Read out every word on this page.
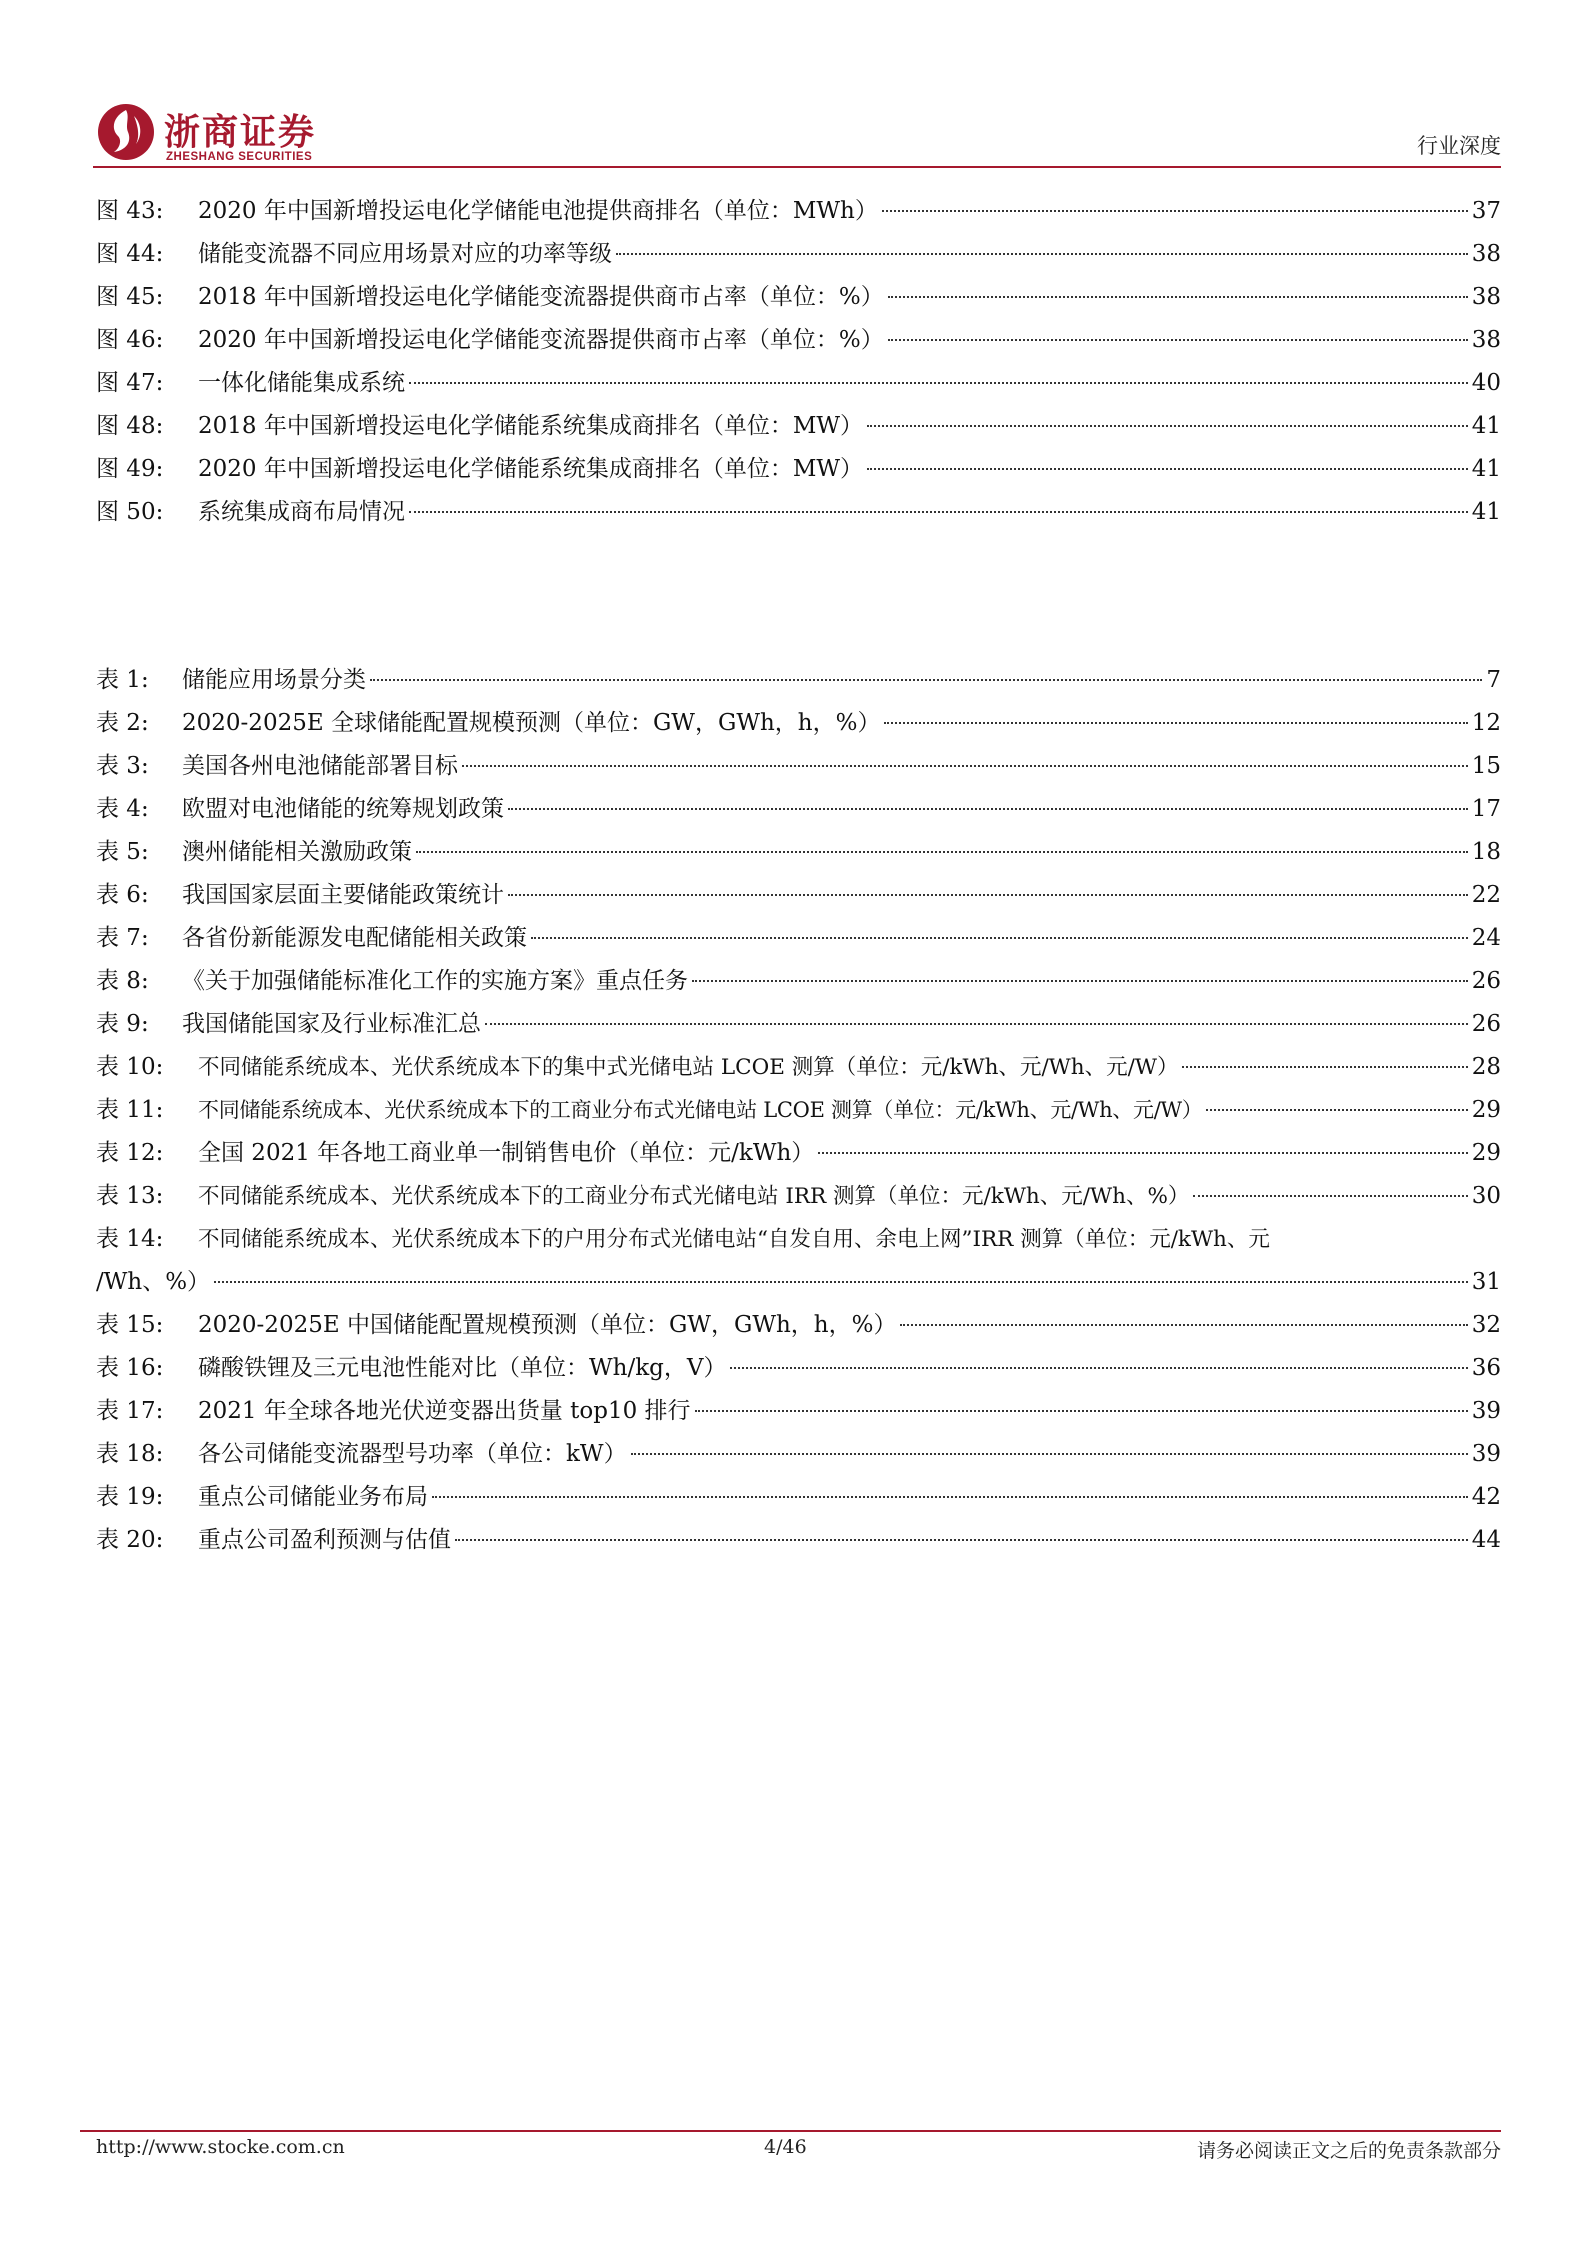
浙商证券
ZHESHANG SECURITIES	行业深度
图 43:	2020 年中国新增投运电化学储能电池提供商排名（单位：MWh）	37
图 44:	储能变流器不同应用场景对应的功率等级	38
图 45:	2018 年中国新增投运电化学储能变流器提供商市占率（单位：%）	38
图 46:	2020 年中国新增投运电化学储能变流器提供商市占率（单位：%）	38
图 47:	一体化储能集成系统	40
图 48:	2018 年中国新增投运电化学储能系统集成商排名（单位：MW）	41
图 49:	2020 年中国新增投运电化学储能系统集成商排名（单位：MW）	41
图 50:	系统集成商布局情况	41
表 1:	储能应用场景分类	7
表 2:	2020-2025E 全球储能配置规模预测（单位：GW，GWh，h，%）	12
表 3:	美国各州电池储能部署目标	15
表 4:	欧盟对电池储能的统筹规划政策	17
表 5:	澳州储能相关激励政策	18
表 6:	我国国家层面主要储能政策统计	22
表 7:	各省份新能源发电配储能相关政策	24
表 8:	《关于加强储能标准化工作的实施方案》重点任务	26
表 9:	我国储能国家及行业标准汇总	26
表 10:	不同储能系统成本、光伏系统成本下的集中式光储电站 LCOE 测算（单位：元/kWh、元/Wh、元/W）	28
表 11:	不同储能系统成本、光伏系统成本下的工商业分布式光储电站 LCOE 测算（单位：元/kWh、元/Wh、元/W）	29
表 12:	全国 2021 年各地工商业单一制销售电价（单位：元/kWh）	29
表 13:	不同储能系统成本、光伏系统成本下的工商业分布式光储电站 IRR 测算（单位：元/kWh、元/Wh、%）	30
表 14:	不同储能系统成本、光伏系统成本下的户用分布式光储电站“自发自用、余电上网”IRR 测算（单位：元/kWh、元
/Wh、%）	31
表 15:	2020-2025E 中国储能配置规模预测（单位：GW，GWh，h，%）	32
表 16:	磷酸铁锂及三元电池性能对比（单位：Wh/kg，V）	36
表 17:	2021 年全球各地光伏逆变器出货量 top10 排行	39
表 18:	各公司储能变流器型号功率（单位：kW）	39
表 19:	重点公司储能业务布局	42
表 20:	重点公司盈利预测与估值	44
http://www.stocke.com.cn	4/46	请务必阅读正文之后的免责条款部分
